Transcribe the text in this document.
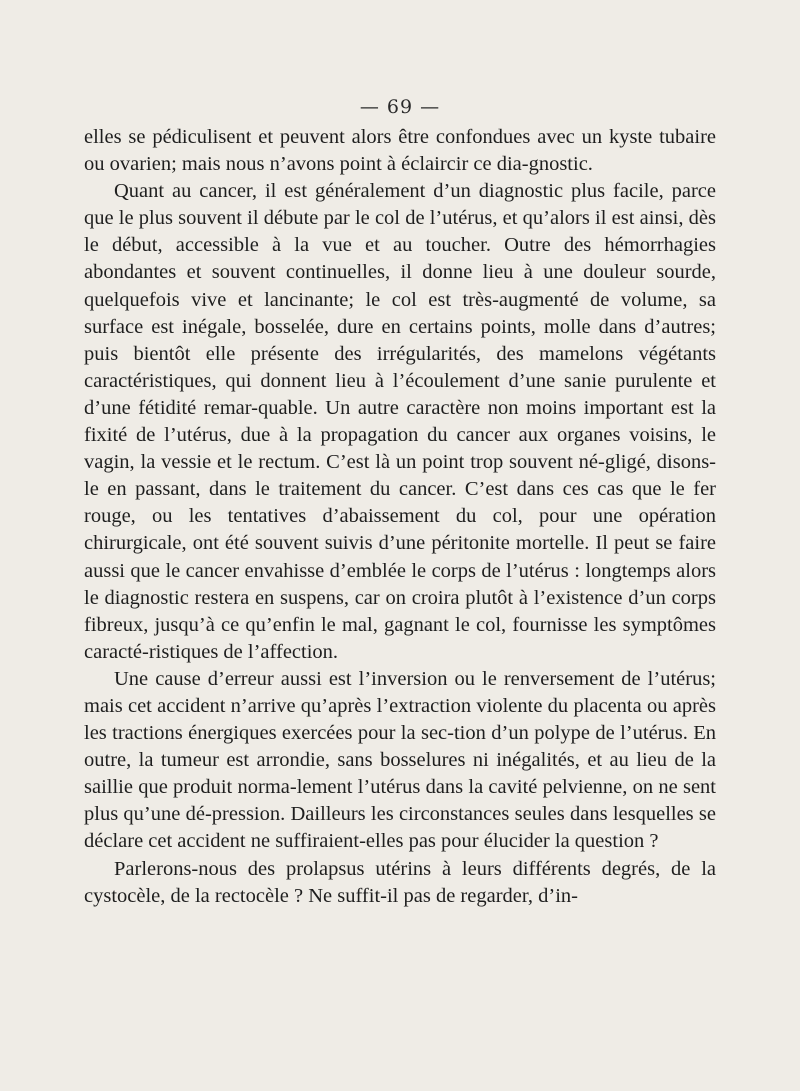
— 69 —

elles se pédiculisent et peuvent alors être confondues avec un kyste tubaire ou ovarien; mais nous n’avons point à éclaircir ce dia-gnostic.

Quant au cancer, il est généralement d’un diagnostic plus facile, parce que le plus souvent il débute par le col de l’utérus, et qu’alors il est ainsi, dès le début, accessible à la vue et au toucher. Outre des hémorrhagies abondantes et souvent continuelles, il donne lieu à une douleur sourde, quelquefois vive et lancinante; le col est très-augmenté de volume, sa surface est inégale, bosselée, dure en certains points, molle dans d’autres; puis bientôt elle présente des irrégularités, des mamelons végétants caractéristiques, qui donnent lieu à l’écoulement d’une sanie purulente et d’une fétidité remar-quable. Un autre caractère non moins important est la fixité de l’utérus, due à la propagation du cancer aux organes voisins, le vagin, la vessie et le rectum. C’est là un point trop souvent né-gligé, disons-le en passant, dans le traitement du cancer. C’est dans ces cas que le fer rouge, ou les tentatives d’abaissement du col, pour une opération chirurgicale, ont été souvent suivis d’une péritonite mortelle. Il peut se faire aussi que le cancer envahisse d’emblée le corps de l’utérus : longtemps alors le diagnostic restera en suspens, car on croira plutôt à l’existence d’un corps fibreux, jusqu’à ce qu’enfin le mal, gagnant le col, fournisse les symptômes caracté-ristiques de l’affection.

Une cause d’erreur aussi est l’inversion ou le renversement de l’utérus; mais cet accident n’arrive qu’après l’extraction violente du placenta ou après les tractions énergiques exercées pour la sec-tion d’un polype de l’utérus. En outre, la tumeur est arrondie, sans bosselures ni inégalités, et au lieu de la saillie que produit norma-lement l’utérus dans la cavité pelvienne, on ne sent plus qu’une dé-pression. Dailleurs les circonstances seules dans lesquelles se déclare cet accident ne suffiraient-elles pas pour élucider la question ?

Parlerons-nous des prolapsus utérins à leurs différents degrés, de la cystocèle, de la rectocèle ? Ne suffit-il pas de regarder, d’in-
